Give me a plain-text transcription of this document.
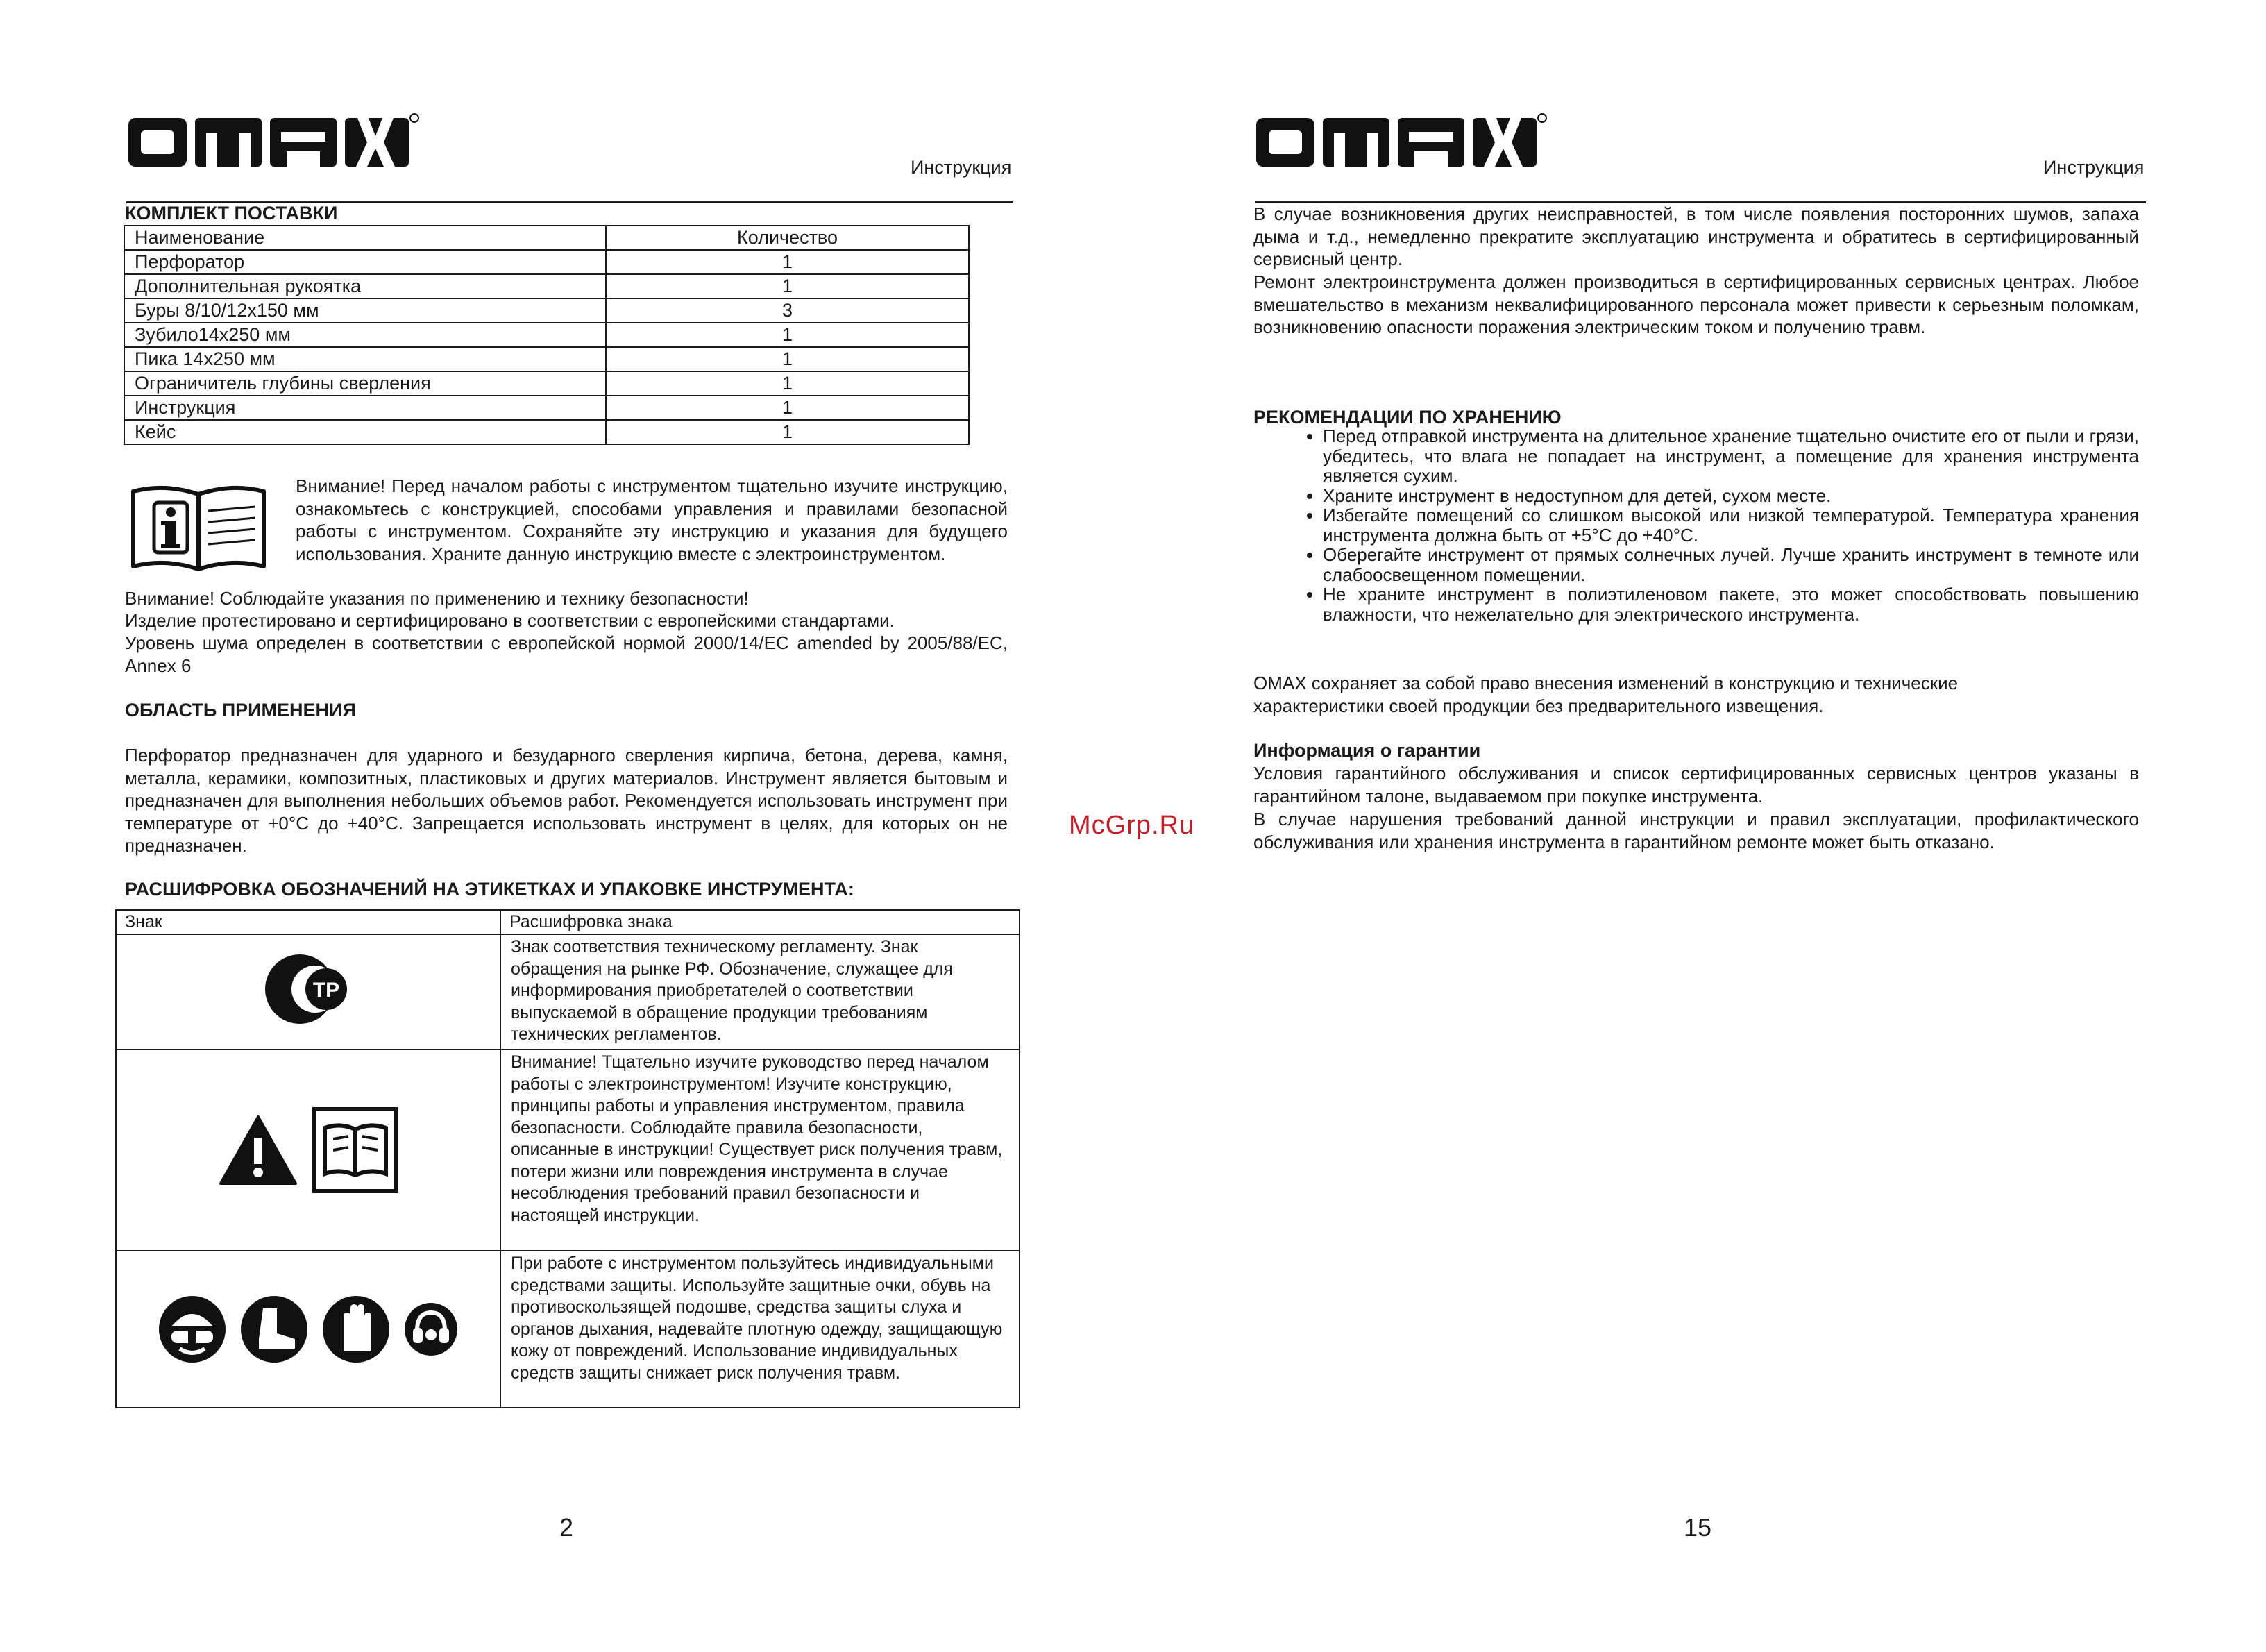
Инструкция
КОМПЛЕКТ ПОСТАВКИ
Наименование	Количество
Перфоратор	1
Дополнительная рукоятка	1
Буры 8/10/12x150 мм	3
Зубило14x250 мм	1
Пика 14x250 мм	1
Ограничитель глубины сверления	1
Инструкция	1
Кейс	1

Внимание! Перед началом работы с инструментом тщательно изучите инструкцию, ознакомьтесь с конструкцией, способами управления и правилами безопасной работы с инструментом. Сохраняйте эту инструкцию и указания для будущего использования. Храните данную инструкцию вместе с электроинструментом.

Внимание! Соблюдайте указания по применению и технику безопасности!

Изделие протестировано и сертифицировано в соответствии с европейскими стандартами.

Уровень шума определен в соответствии с европейской нормой 2000/14/EC amended by 2005/88/EC, Annex 6

ОБЛАСТЬ ПРИМЕНЕНИЯ

Перфоратор предназначен для ударного и безударного сверления кирпича, бетона, дерева, камня, металла, керамики, композитных, пластиковых и других материалов. Инструмент является бытовым и предназначен для выполнения небольших объемов работ. Рекомендуется использовать инструмент при температуре от +0°С до +40°С. Запрещается использовать инструмент в целях, для которых он не предназначен.

РАСШИФРОВКА ОБОЗНАЧЕНИЙ НА ЭТИКЕТКАХ И УПАКОВКЕ ИНСТРУМЕНТА:
Знак	Расшифровка знака

ТР	Знак соответствия техническому регламенту. Знак обращения на рынке РФ. Обозначение, служащее для информирования приобретателей о соответствии выпускаемой в обращение продукции требованиям технических регламентов.

	Внимание! Тщательно изучите руководство перед началом работы с электроинструментом! Изучите конструкцию, принципы работы и управления инструментом, правила безопасности. Соблюдайте правила безопасности, описанные в инструкции! Существует риск получения травм, потери жизни или повреждения инструмента в случае несоблюдения требований правил безопасности и настоящей инструкции.

	При работе с инструментом пользуйтесь индивидуальными средствами защиты. Используйте защитные очки, обувь на противоскользящей подошве, средства защиты слуха и органов дыхания, надевайте плотную одежду, защищающую кожу от повреждений. Использование индивидуальных средств защиты снижает риск получения травм.
2
McGrp.Ru
Инструкция

В случае возникновения других неисправностей, в том числе появления посторонних шумов, запаха дыма и т.д., немедленно прекратите эксплуатацию инструмента и обратитесь в сертифицированный сервисный центр.

Ремонт электроинструмента должен производиться в сертифицированных сервисных центрах. Любое вмешательство в механизм неквалифицированного персонала может привести к серьезным поломкам, возникновению опасности поражения электрическим током и получению травм.

РЕКОМЕНДАЦИИ ПО ХРАНЕНИЮ
• Перед отправкой инструмента на длительное хранение тщательно очистите его от пыли и грязи, убедитесь, что влага не попадает на инструмент, а помещение для хранения инструмента является сухим.
• Храните инструмент в недоступном для детей, сухом месте.
• Избегайте помещений со слишком высокой или низкой температурой. Температура хранения инструмента должна быть от +5°С до +40°С.
• Оберегайте инструмент от прямых солнечных лучей. Лучше хранить инструмент в темноте или слабоосвещенном помещении.
• Не храните инструмент в полиэтиленовом пакете, это может способствовать повышению влажности, что нежелательно для электрического инструмента.

OMAX сохраняет за собой право внесения изменений в конструкцию и технические характеристики своей продукции без предварительного извещения.

Информация о гарантии

Условия гарантийного обслуживания и список сертифицированных сервисных центров указаны в гарантийном талоне, выдаваемом при покупке инструмента.

В случае нарушения требований данной инструкции и правил эксплуатации, профилактического обслуживания или хранения инструмента в гарантийном ремонте может быть отказано.

15
